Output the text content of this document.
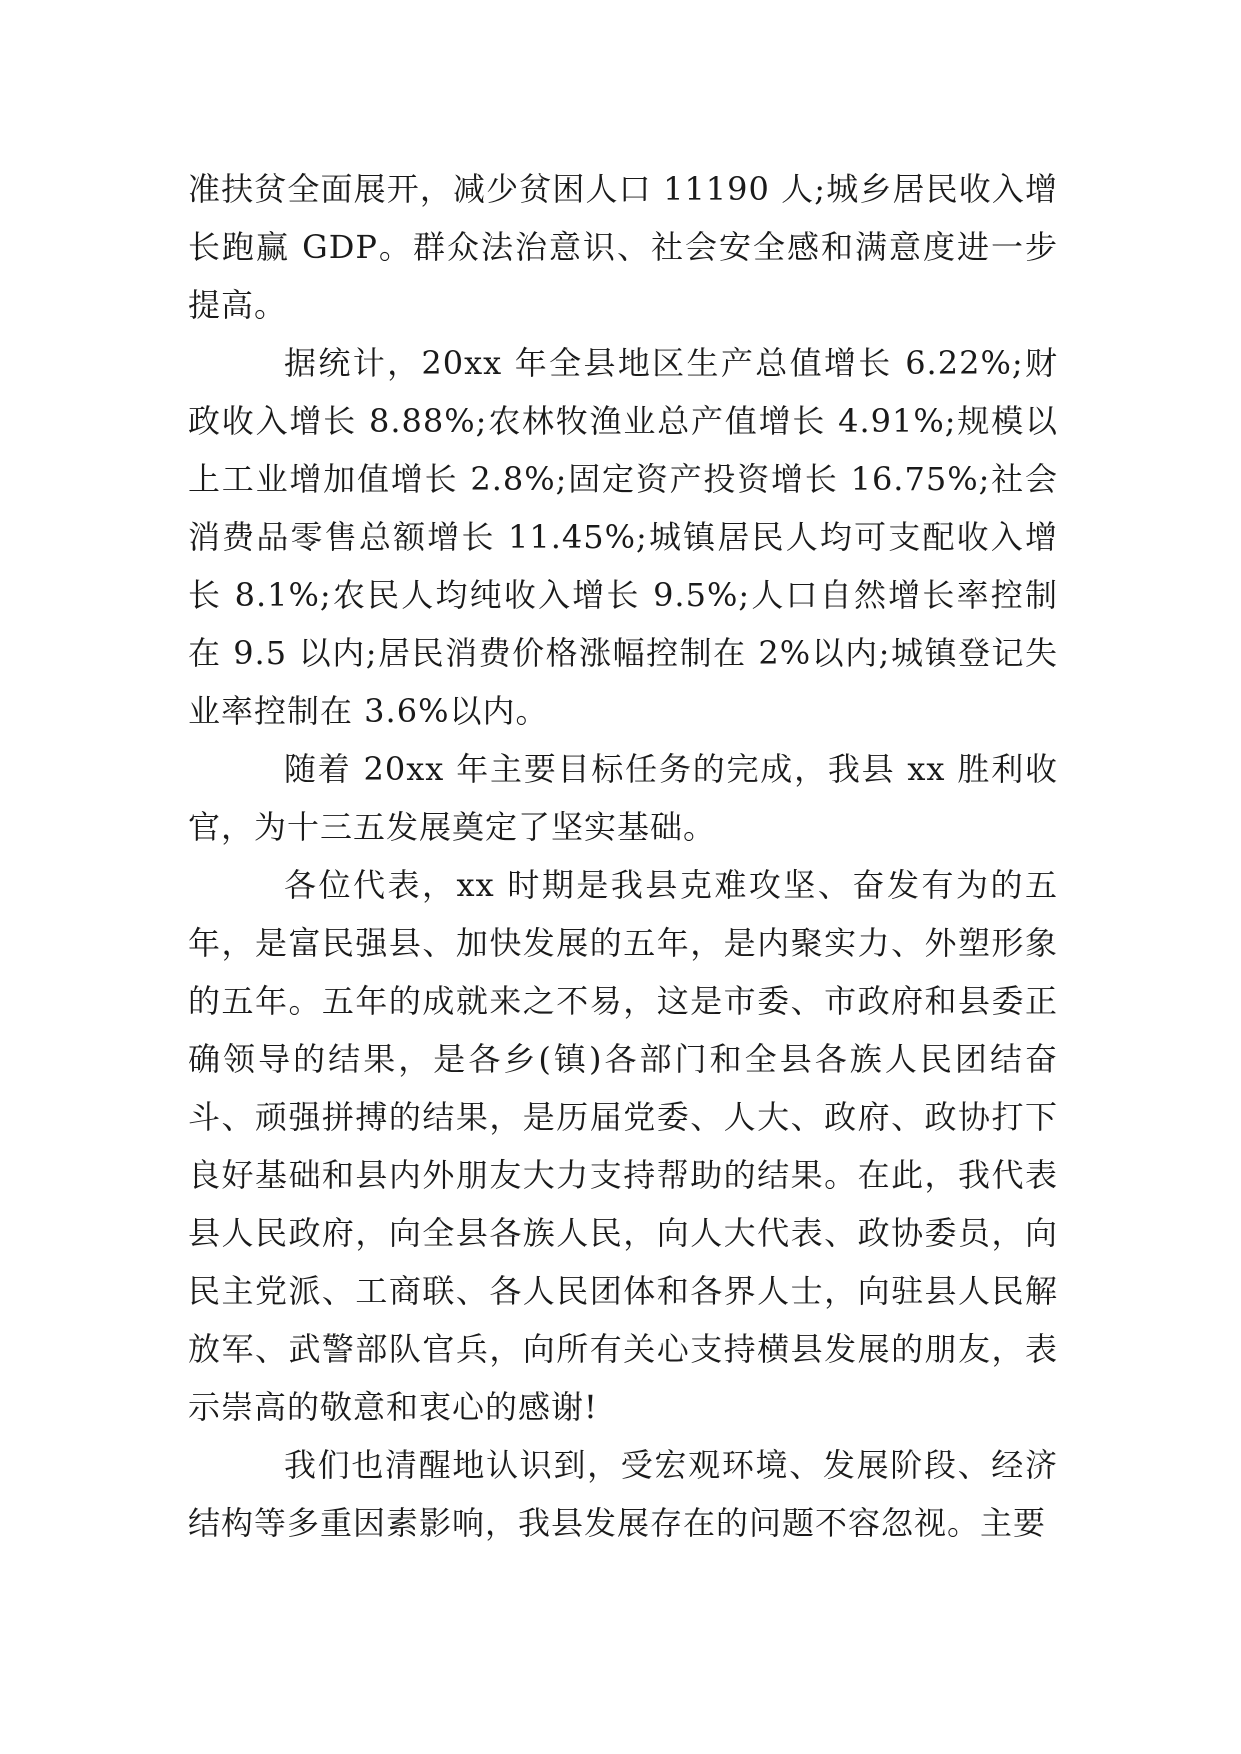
准扶贫全面展开，减少贫困人口 11190 人;城乡居民收入增长跑赢 GDP。群众法治意识、社会安全感和满意度进一步提高。

据统计，20xx 年全县地区生产总值增长 6.22%;财政收入增长 8.88%;农林牧渔业总产值增长 4.91%;规模以上工业增加值增长 2.8%;固定资产投资增长 16.75%;社会消费品零售总额增长 11.45%;城镇居民人均可支配收入增长 8.1%;农民人均纯收入增长 9.5%;人口自然增长率控制在 9.5 以内;居民消费价格涨幅控制在 2%以内;城镇登记失业率控制在 3.6%以内。

随着 20xx 年主要目标任务的完成，我县 xx 胜利收官，为十三五发展奠定了坚实基础。

各位代表，xx 时期是我县克难攻坚、奋发有为的五年，是富民强县、加快发展的五年，是内聚实力、外塑形象的五年。五年的成就来之不易，这是市委、市政府和县委正确领导的结果，是各乡(镇)各部门和全县各族人民团结奋斗、顽强拼搏的结果，是历届党委、人大、政府、政协打下良好基础和县内外朋友大力支持帮助的结果。在此，我代表县人民政府，向全县各族人民，向人大代表、政协委员，向民主党派、工商联、各人民团体和各界人士，向驻县人民解放军、武警部队官兵，向所有关心支持横县发展的朋友，表示崇高的敬意和衷心的感谢!

我们也清醒地认识到，受宏观环境、发展阶段、经济结构等多重因素影响，我县发展存在的问题不容忽视。主要
